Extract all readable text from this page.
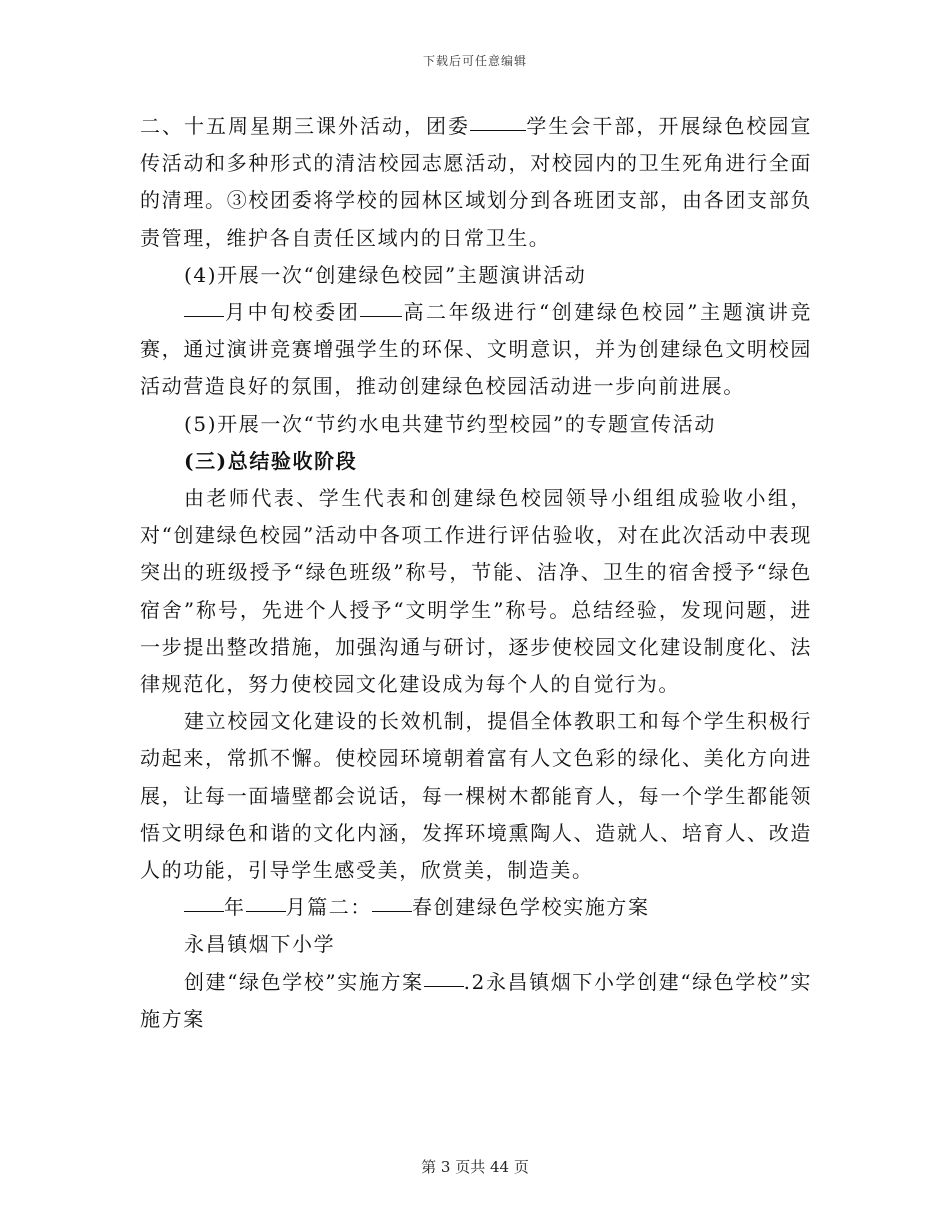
下载后可任意编辑

二、十五周星期三课外活动，团委	学生会干部，开展绿色校园宣传活动和多种形式的清洁校园志愿活动，对校园内的卫生死角进行全面的清理。③校团委将学校的园林区域划分到各班团支部，由各团支部负责管理，维护各自责任区域内的日常卫生。

(4)开展一次“创建绿色校园”主题演讲活动

月中旬校委团 高二年级进行“创建绿色校园”主题演讲竞赛，通过演讲竞赛增强学生的环保、文明意识，并为创建绿色文明校园活动营造良好的氛围，推动创建绿色校园活动进一步向前进展。

(5)开展一次“节约水电共建节约型校园”的专题宣传活动

(三)总结验收阶段

由老师代表、学生代表和创建绿色校园领导小组组成验收小组，对“创建绿色校园”活动中各项工作进行评估验收，对在此次活动中表现突出的班级授予“绿色班级”称号，节能、洁净、卫生的宿舍授予“绿色宿舍”称号，先进个人授予“文明学生”称号。总结经验，发现问题，进一步提出整改措施，加强沟通与研讨，逐步使校园文化建设制度化、法律规范化，努力使校园文化建设成为每个人的自觉行为。

建立校园文化建设的长效机制，提倡全体教职工和每个学生积极行动起来，常抓不懈。使校园环境朝着富有人文色彩的绿化、美化方向进展，让每一面墙壁都会说话，每一棵树木都能育人，每一个学生都能领悟文明绿色和谐的文化内涵，发挥环境熏陶人、造就人、培育人、改造人的功能，引导学生感受美，欣赏美，制造美。

年 月篇二： 春创建绿色学校实施方案

永昌镇烟下小学

创建“绿色学校”实施方案 .2永昌镇烟下小学创建“绿色学校”实施方案

第 3 页共 44 页
